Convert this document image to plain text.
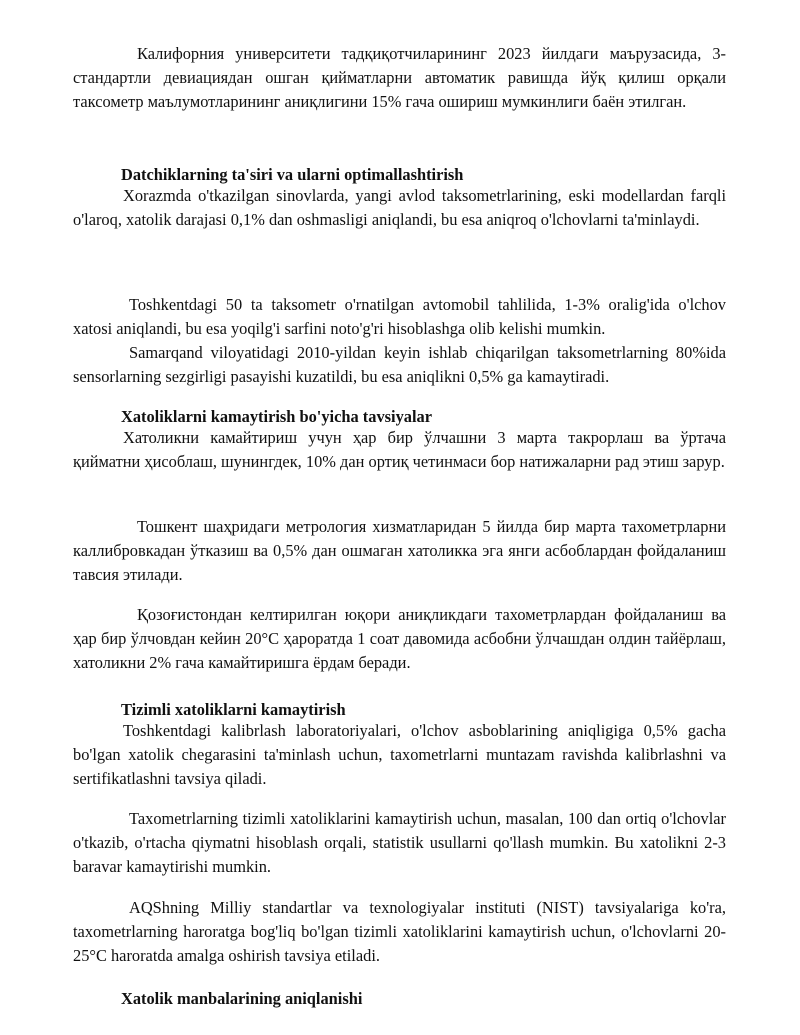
Калифорния университети тадқиқотчиларининг 2023 йилдаги маърузасида, 3-стандартли девиациядан ошган қийматларни автоматик равишда йўқ қилиш орқали таксометр маълумотларининг аниқлигини 15% гача ошириш мумкинлиги баён этилган.

Datchiklarning ta'siri va ularni optimallashtirish

Xorazmda o'tkazilgan sinovlarda, yangi avlod taksometrlarining, eski modellardan farqli o'laroq, xatolik darajasi 0,1% dan oshmasligi aniqlandi, bu esa aniqroq o'lchovlarni ta'minlaydi.

Toshkentdagi 50 ta taksometr o'rnatilgan avtomobil tahlilida, 1-3% oralig'ida o'lchov xatosi aniqlandi, bu esa yoqilg'i sarfini noto'g'ri hisoblashga olib kelishi mumkin.

Samarqand viloyatidagi 2010-yildan keyin ishlab chiqarilgan taksometrlarning 80%ida sensorlarning sezgirligi pasayishi kuzatildi, bu esa aniqlikni 0,5% ga kamaytiradi.

Xatoliklarni kamaytirish bo'yicha tavsiyalar

Хатоликни камайтириш учун ҳар бир ўлчашни 3 марта такрорлаш ва ўртача қийматни ҳисоблаш, шунингдек, 10% дан ортиқ четинмаси бор натижаларни рад этиш зарур.

Тошкент шаҳридаги метрология хизматларидан 5 йилда бир марта тахометрларни каллибровкадан ўтказиш ва 0,5% дан ошмаган хатоликка эга янги асбоблардан фойдаланиш тавсия этилади.

Қозоғистондан келтирилган юқори аниқликдаги тахометрлардан фойдаланиш ва ҳар бир ўлчовдан кейин 20°C ҳароратда 1 соат давомида асбобни ўлчашдан олдин тайёрлаш, хатоликни 2% гача камайтиришга ёрдам беради.

Tizimli xatoliklarni kamaytirish

Toshkentdagi kalibrlash laboratoriyalari, o'lchov asboblarining aniqligiga 0,5% gacha bo'lgan xatolik chegarasini ta'minlash uchun, taxometrlarni muntazam ravishda kalibrlashni va sertifikatlashni tavsiya qiladi.

Taxometrlarning tizimli xatoliklarini kamaytirish uchun, masalan, 100 dan ortiq o'lchovlar o'tkazib, o'rtacha qiymatni hisoblash orqali, statistik usullarni qo'llash mumkin. Bu xatolikni 2-3 baravar kamaytirishi mumkin.

AQShning Milliy standartlar va texnologiyalar instituti (NIST) tavsiyalariga ko'ra, taxometrlarning haroratga bog'liq bo'lgan tizimli xatoliklarini kamaytirish uchun, o'lchovlarni 20-25°C haroratda amalga oshirish tavsiya etiladi.

Xatolik manbalarining aniqlanishi
